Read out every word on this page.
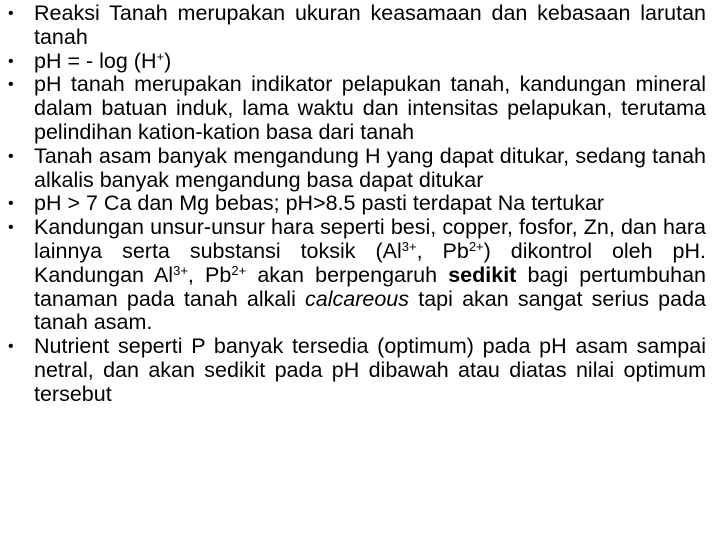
• Reaksi Tanah merupakan ukuran keasamaan dan kebasaan larutan tanah
• pH = - log (H+)
• pH tanah merupakan indikator pelapukan tanah, kandungan mineral dalam batuan induk, lama waktu dan intensitas pelapukan, terutama pelindihan kation-kation basa dari tanah
• Tanah asam banyak mengandung H yang dapat ditukar, sedang tanah alkalis banyak mengandung basa dapat ditukar
• pH > 7 Ca dan Mg bebas; pH>8.5 pasti terdapat Na tertukar
• Kandungan unsur-unsur hara seperti besi, copper, fosfor, Zn, dan hara lainnya serta substansi toksik ($Al^{3+}$, $Pb^{2+}$) dikontrol oleh pH. Kandungan $Al^{3+}$, $Pb^{2+}$ akan berpengaruh sedikit bagi pertumbuhan tanaman pada tanah alkali calcareous tapi akan sangat serius pada tanah asam.
• Nutrient seperti P banyak tersedia (optimum) pada pH asam sampai netral, dan akan sedikit pada pH dibawah atau diatas nilai optimum tersebut
